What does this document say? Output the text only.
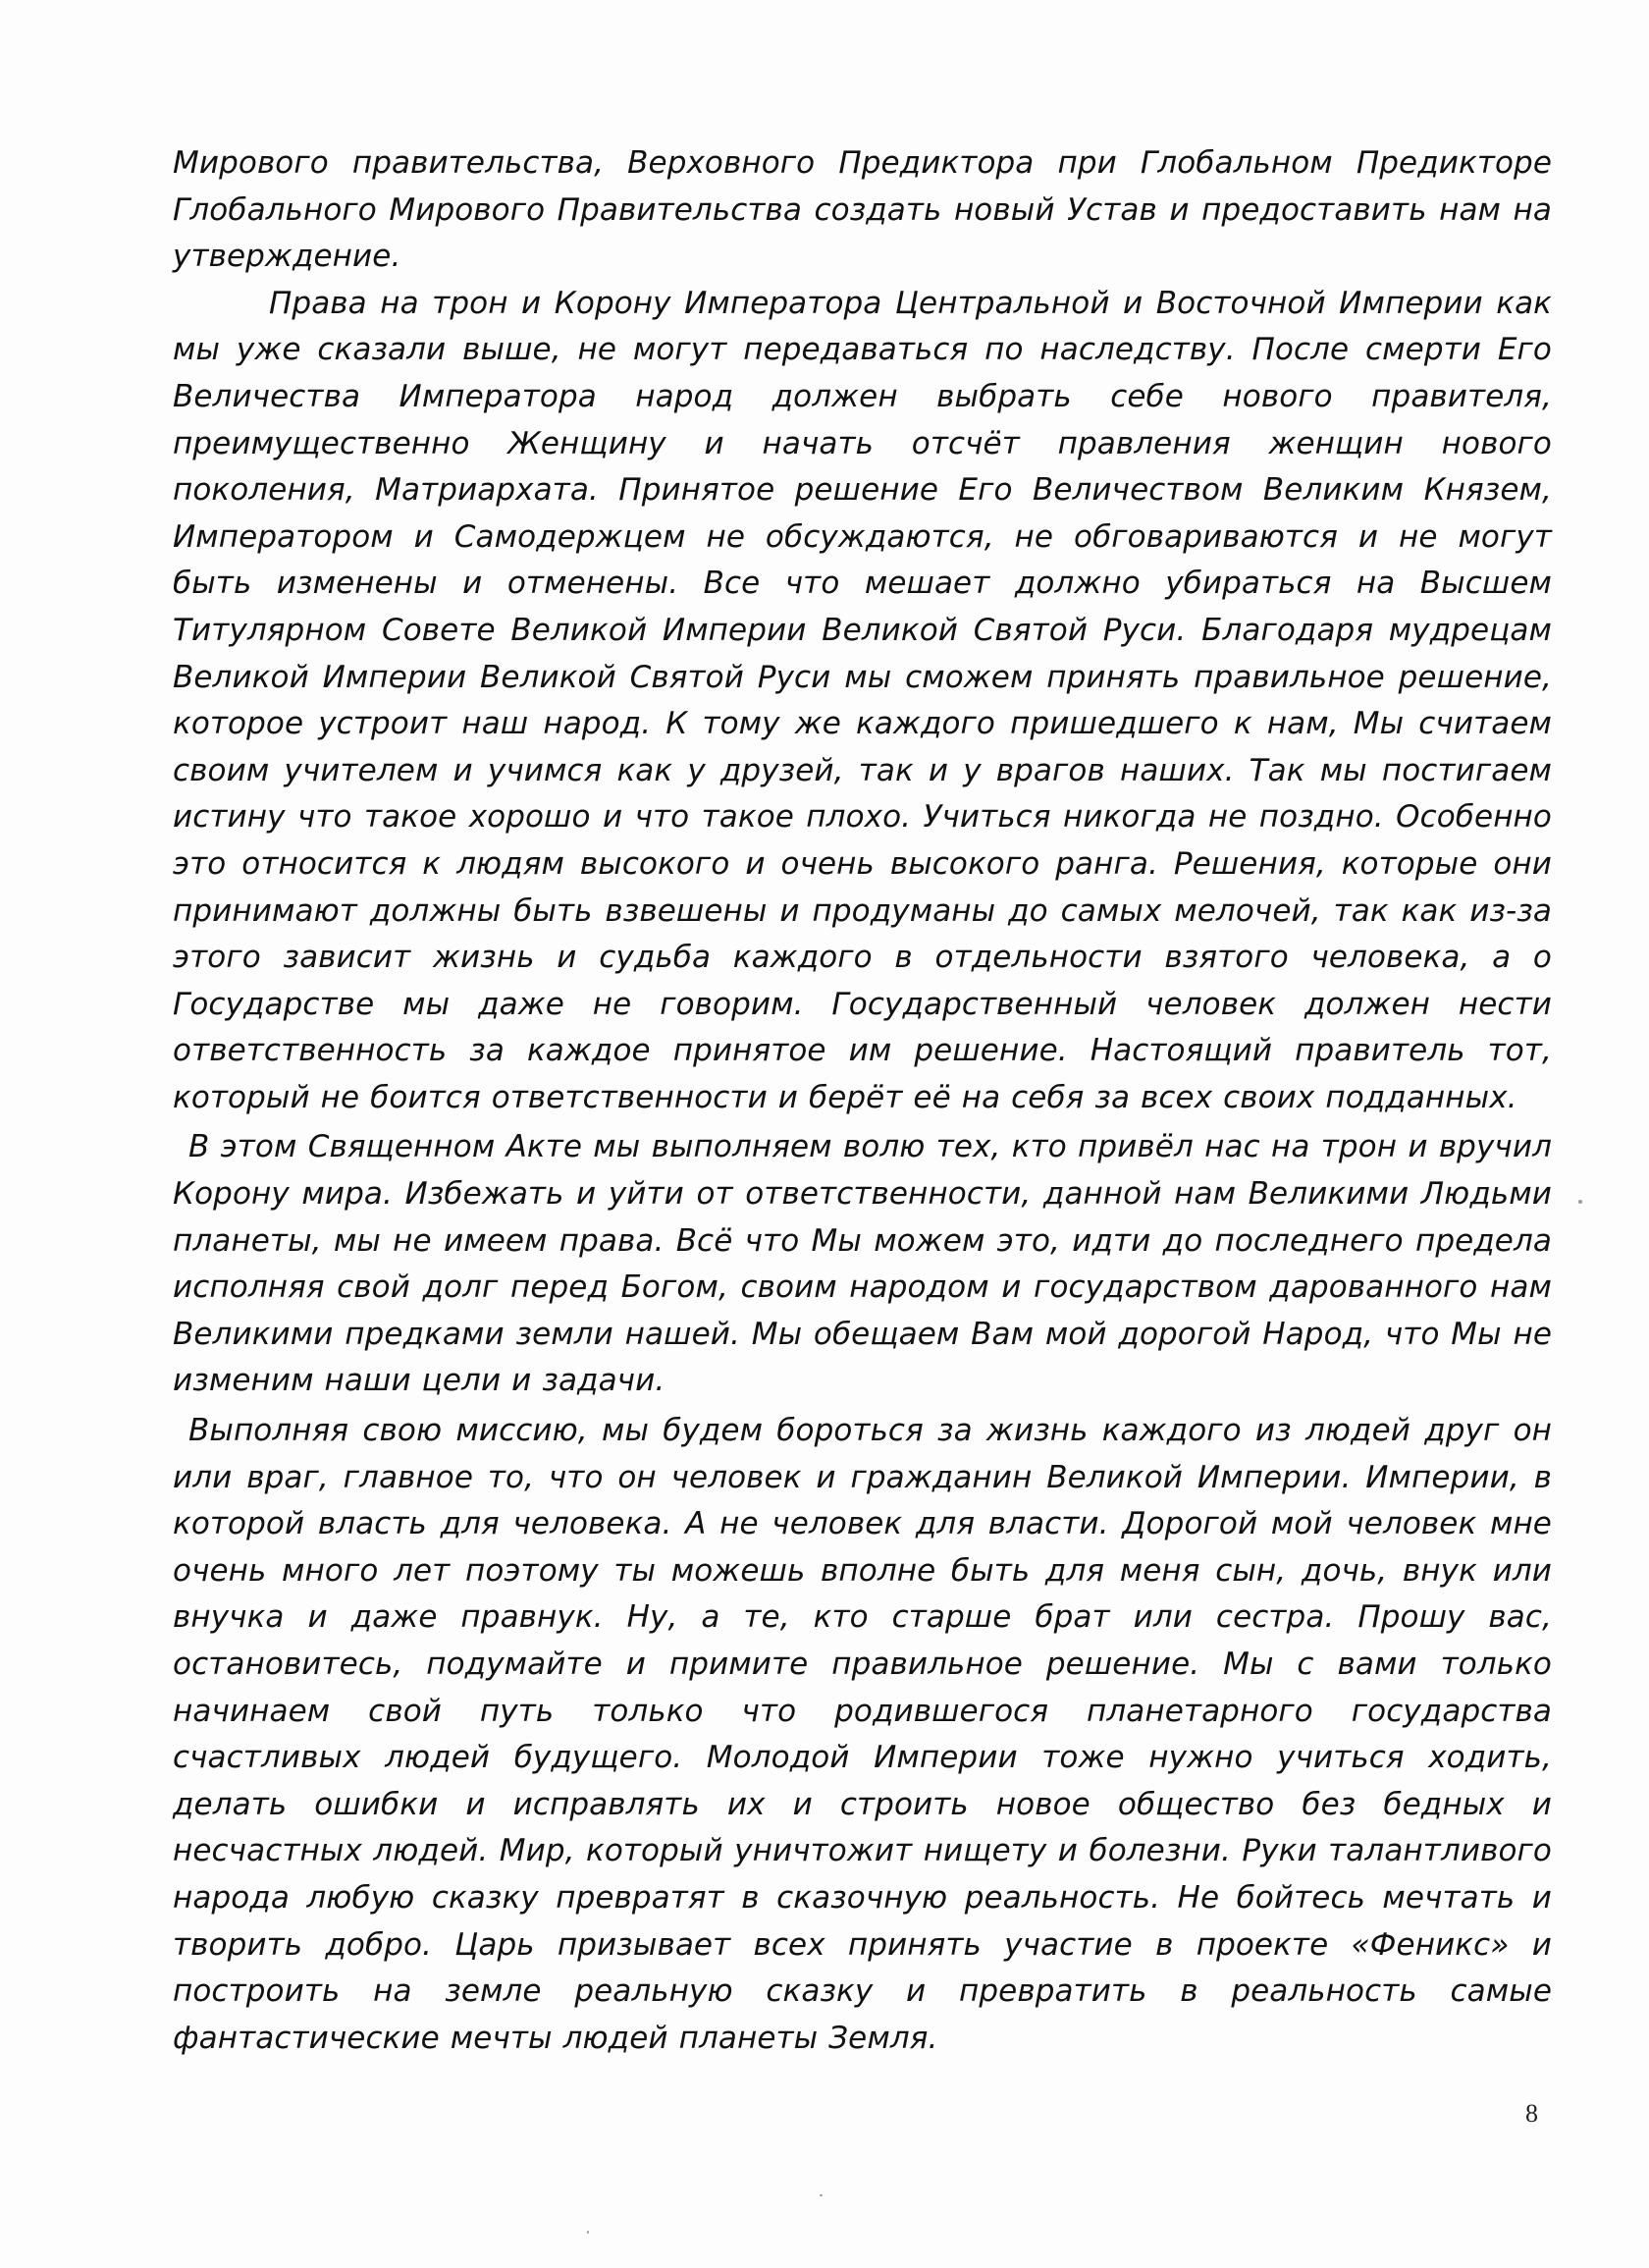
Мирового правительства, Верховного Предиктора при Глобальном Предикторе Глобального Мирового Правительства создать новый Устав и предоставить нам на утверждение.

Права на трон и Корону Императора Центральной и Восточной Империи как мы уже сказали выше, не могут передаваться по наследству. После смерти Его Величества Императора народ должен выбрать себе нового правителя, преимущественно Женщину и начать отсчёт правления женщин нового поколения, Матриархата. Принятое решение Его Величеством Великим Князем, Императором и Самодержцем не обсуждаются, не обговариваются и не могут быть изменены и отменены. Все что мешает должно убираться на Высшем Титулярном Совете Великой Империи Великой Святой Руси. Благодаря мудрецам Великой Империи Великой Святой Руси мы сможем принять правильное решение, которое устроит наш народ. К тому же каждого пришедшего к нам, Мы считаем своим учителем и учимся как у друзей, так и у врагов наших. Так мы постигаем истину что такое хорошо и что такое плохо. Учиться никогда не поздно. Особенно это относится к людям высокого и очень высокого ранга. Решения, которые они принимают должны быть взвешены и продуманы до самых мелочей, так как из-за этого зависит жизнь и судьба каждого в отдельности взятого человека, а о Государстве мы даже не говорим. Государственный человек должен нести ответственность за каждое принятое им решение. Настоящий правитель тот, который не боится ответственности и берёт её на себя за всех своих подданных.

В этом Священном Акте мы выполняем волю тех, кто привёл нас на трон и вручил Корону мира. Избежать и уйти от ответственности, данной нам Великими Людьми планеты, мы не имеем права. Всё что Мы можем это, идти до последнего предела исполняя свой долг перед Богом, своим народом и государством дарованного нам Великими предками земли нашей. Мы обещаем Вам мой дорогой Народ, что Мы не изменим наши цели и задачи.

Выполняя свою миссию, мы будем бороться за жизнь каждого из людей друг он или враг, главное то, что он человек и гражданин Великой Империи. Империи, в которой власть для человека. А не человек для власти. Дорогой мой человек мне очень много лет поэтому ты можешь вполне быть для меня сын, дочь, внук или внучка и даже правнук. Ну, а те, кто старше брат или сестра. Прошу вас, остановитесь, подумайте и примите правильное решение. Мы с вами только начинаем свой путь только что родившегося планетарного государства счастливых людей будущего. Молодой Империи тоже нужно учиться ходить, делать ошибки и исправлять их и строить новое общество без бедных и несчастных людей. Мир, который уничтожит нищету и болезни. Руки талантливого народа любую сказку превратят в сказочную реальность. Не бойтесь мечтать и творить добро. Царь призывает всех принять участие в проекте «Феникс» и построить на земле реальную сказку и превратить в реальность самые фантастические мечты людей планеты Земля.

8
